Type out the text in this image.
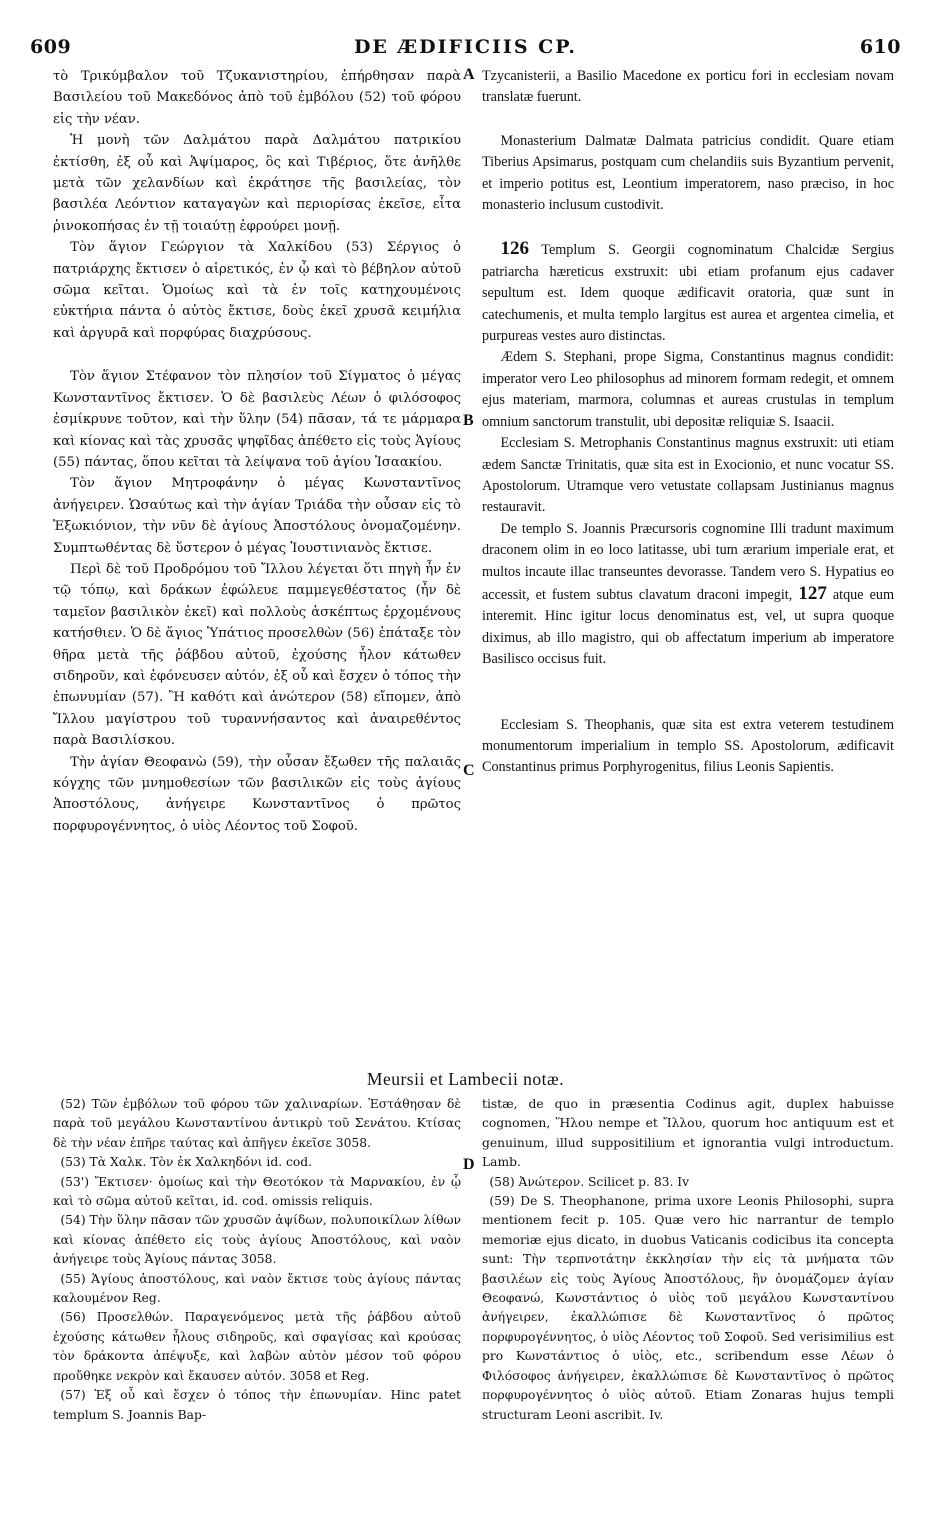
609	DE ÆDIFICIIS CP.	610
A
B
C
D

τὸ Τρικύμβαλον τοῦ Τζυκανιστηρίου, ἐπήρθησαν παρὰ Βασιλείου τοῦ Μακεδόνος ἀπὸ τοῦ ἐμβόλου (52) τοῦ φόρου εἰς τὴν νέαν.

Ἡ μονὴ τῶν Δαλμάτου παρὰ Δαλμάτου πατρικίου ἐκτίσθη, ἐξ οὗ καὶ Ἀψίμαρος, ὃς καὶ Τιβέριος, ὅτε ἀνῆλθε μετὰ τῶν χελανδίων καὶ ἐκράτησε τῆς βασιλείας, τὸν βασιλέα Λεόντιον καταγαγὼν καὶ περιορίσας ἐκεῖσε, εἶτα ῥινοκοπήσας ἐν τῇ τοιαύτῃ ἐφρούρει μονῇ.

Τὸν ἅγιον Γεώργιον τὰ Χαλκίδου (53) Σέργιος ὁ πατριάρχης ἔκτισεν ὁ αἱρετικός, ἐν ᾧ καὶ τὸ βέβηλον αὐτοῦ σῶμα κεῖται. Ὁμοίως καὶ τὰ ἐν τοῖς κατηχουμένοις εὐκτήρια πάντα ὁ αὐτὸς ἔκτισε, δοὺς ἐκεῖ χρυσᾶ κειμήλια καὶ ἀργυρᾶ καὶ πορφύρας διαχρύσους.

Τὸν ἅγιον Στέφανον τὸν πλησίον τοῦ Σίγματος ὁ μέγας Κωνσταντῖνος ἔκτισεν. Ὁ δὲ βασιλεὺς Λέων ὁ φιλόσοφος ἐσμίκρυνε τοῦτον, καὶ τὴν ὕλην (54) πᾶσαν, τά τε μάρμαρα καὶ κίονας καὶ τὰς χρυσᾶς ψηφῖδας ἀπέθετο εἰς τοὺς Ἁγίους (55) πάντας, ὅπου κεῖται τὰ λείψανα τοῦ ἁγίου Ἰσαακίου.

Τὸν ἅγιον Μητροφάνην ὁ μέγας Κωνσταντῖνος ἀνήγειρεν. Ὡσαύτως καὶ τὴν ἁγίαν Τριάδα τὴν οὖσαν εἰς τὸ Ἐξωκιόνιον, τὴν νῦν δὲ ἁγίους Ἀποστόλους ὀνομαζομένην. Συμπτωθέντας δὲ ὕστερον ὁ μέγας Ἰουστινιανὸς ἔκτισε.

Περὶ δὲ τοῦ Προδρόμου τοῦ Ἴλλου λέγεται ὅτι πηγὴ ἦν ἐν τῷ τόπῳ, καὶ δράκων ἐφώλευε παμμεγεθέστατος (ἦν δὲ ταμεῖον βασιλικὸν ἐκεῖ) καὶ πολλοὺς ἀσκέπτως ἐρχομένους κατήσθιεν. Ὁ δὲ ἅγιος Ὑπάτιος προσελθὼν (56) ἐπάταξε τὸν θῆρα μετὰ τῆς ῥάβδου αὐτοῦ, ἐχούσης ἧλον κάτωθεν σιδηροῦν, καὶ ἐφόνευσεν αὐτόν, ἐξ οὗ καὶ ἔσχεν ὁ τόπος τὴν ἐπωνυμίαν (57). Ἢ καθότι καὶ ἀνώτερον (58) εἴπομεν, ἀπὸ Ἴλλου μαγίστρου τοῦ τυραννήσαντος καὶ ἀναιρεθέντος παρὰ Βασιλίσκου.

Τὴν ἁγίαν Θεοφανὼ (59), τὴν οὖσαν ἔξωθεν τῆς παλαιᾶς κόγχης τῶν μνημοθεσίων τῶν βασιλικῶν εἰς τοὺς ἁγίους Ἀποστόλους, ἀνήγειρε Κωνσταντῖνος ὁ πρῶτος πορφυρογέννητος, ὁ υἱὸς Λέοντος τοῦ Σοφοῦ.

Tzycanisterii, a Basilio Macedone ex porticu fori in ecclesiam novam translatæ fuerunt.

Monasterium Dalmatæ Dalmata patricius condidit. Quare etiam Tiberius Apsimarus, postquam cum chelandiis suis Byzantium pervenit, et imperio potitus est, Leontium imperatorem, naso præciso, in hoc monasterio inclusum custodivit.

126 Templum S. Georgii cognominatum Chalcidæ Sergius patriarcha hæreticus exstruxit: ubi etiam profanum ejus cadaver sepultum est. Idem quoque ædificavit oratoria, quæ sunt in catechumenis, et multa templo largitus est aurea et argentea cimelia, et purpureas vestes auro distinctas.

Ædem S. Stephani, prope Sigma, Constantinus magnus condidit: imperator vero Leo philosophus ad minorem formam redegit, et omnem ejus materiam, marmora, columnas et aureas crustulas in templum omnium sanctorum transtulit, ubi depositæ reliquiæ S. Isaacii.

Ecclesiam S. Metrophanis Constantinus magnus exstruxit: uti etiam ædem Sanctæ Trinitatis, quæ sita est in Exocionio, et nunc vocatur SS. Apostolorum. Utramque vero vetustate collapsam Justinianus magnus restauravit.

De templo S. Joannis Præcursoris cognomine Illi tradunt maximum draconem olim in eo loco latitasse, ubi tum ærarium imperiale erat, et multos incaute illac transeuntes devorasse. Tandem vero S. Hypatius eo accessit, et fustem subtus clavatum draconi impegit, 127 atque eum interemit. Hinc igitur locus denominatus est, vel, ut supra quoque diximus, ab illo magistro, qui ob affectatum imperium ab imperatore Basilisco occisus fuit.

Ecclesiam S. Theophanis, quæ sita est extra veterem testudinem monumentorum imperialium in templo SS. Apostolorum, ædificavit Constantinus primus Porphyrogenitus, filius Leonis Sapientis.

Meursii et Lambecii notæ.

(52) Τῶν ἐμβόλων τοῦ φόρου τῶν χαλιναρίων. Ἐστάθησαν δὲ παρὰ τοῦ μεγάλου Κωνσταντίνου ἀντικρὺ τοῦ Σενάτου. Κτίσας δὲ τὴν νέαν ἐπῆρε ταύτας καὶ ἀπῆγεν ἐκεῖσε 3058.

(53) Τὰ Χαλκ. Τὸν ἐκ Χαλκηδόνι id. cod.

(53') Ἔκτισεν· ὁμοίως καὶ τὴν Θεοτόκον τὰ Μαρνακίου, ἐν ᾧ καὶ τὸ σῶμα αὐτοῦ κεῖται, id. cod. omissis reliquis.

(54) Τὴν ὕλην πᾶσαν τῶν χρυσῶν ἀψίδων, πολυποικίλων λίθων καὶ κίονας ἀπέθετο εἰς τοὺς ἁγίους Ἀποστόλους, καὶ ναὸν ἀνήγειρε τοὺς Ἁγίους πάντας 3058.

(55) Ἁγίους ἀποστόλους, καὶ ναὸν ἔκτισε τοὺς ἁγίους πάντας καλουμένον Reg.

(56) Προσελθών. Παραγενόμενος μετὰ τῆς ῥάβδου αὐτοῦ ἐχούσης κάτωθεν ἧλους σιδηροῦς, καὶ σφαγίσας καὶ κρούσας τὸν δράκοντα ἀπέψυξε, καὶ λαβὼν αὐτὸν μέσον τοῦ φόρου προὔθηκε νεκρὸν καὶ ἔκαυσεν αὐτόν. 3058 et Reg.

(57) Ἐξ οὗ καὶ ἔσχεν ὁ τόπος τὴν ἐπωνυμίαν. Hinc patet templum S. Joannis Bap-

tistæ, de quo in præsentia Codinus agit, duplex habuisse cognomen, Ἥλου nempe et Ἴλλου, quorum hoc antiquum est et genuinum, illud suppositilium et ignorantia vulgi introductum. Lamb.

(58) Ἀνώτερον. Scilicet p. 83. Iv

(59) De S. Theophanone, prima uxore Leonis Philosophi, supra mentionem fecit p. 105. Quæ vero hic narrantur de templo memoriæ ejus dicato, in duobus Vaticanis codicibus ita concepta sunt: Τὴν τερπνοτάτην ἐκκλησίαν τὴν εἰς τὰ μνήματα τῶν βασιλέων εἰς τοὺς Ἁγίους Ἀποστόλους, ἣν ὀνομάζομεν ἁγίαν Θεοφανώ, Κωνστάντιος ὁ υἱὸς τοῦ μεγάλου Κωνσταντίνου ἀνήγειρεν, ἐκαλλώπισε δὲ Κωνσταντῖνος ὁ πρῶτος πορφυρογέννητος, ὁ υἱὸς Λέοντος τοῦ Σοφοῦ. Sed verisimilius est pro Κωνστάντιος ὁ υἱὸς, etc., scribendum esse Λέων ὁ Φιλόσοφος ἀνήγειρεν, ἐκαλλώπισε δὲ Κωνσταντῖνος ὁ πρῶτος πορφυρογέννητος ὁ υἱὸς αὐτοῦ. Etiam Zonaras hujus templi structuram Leoni ascribit. Iv.
